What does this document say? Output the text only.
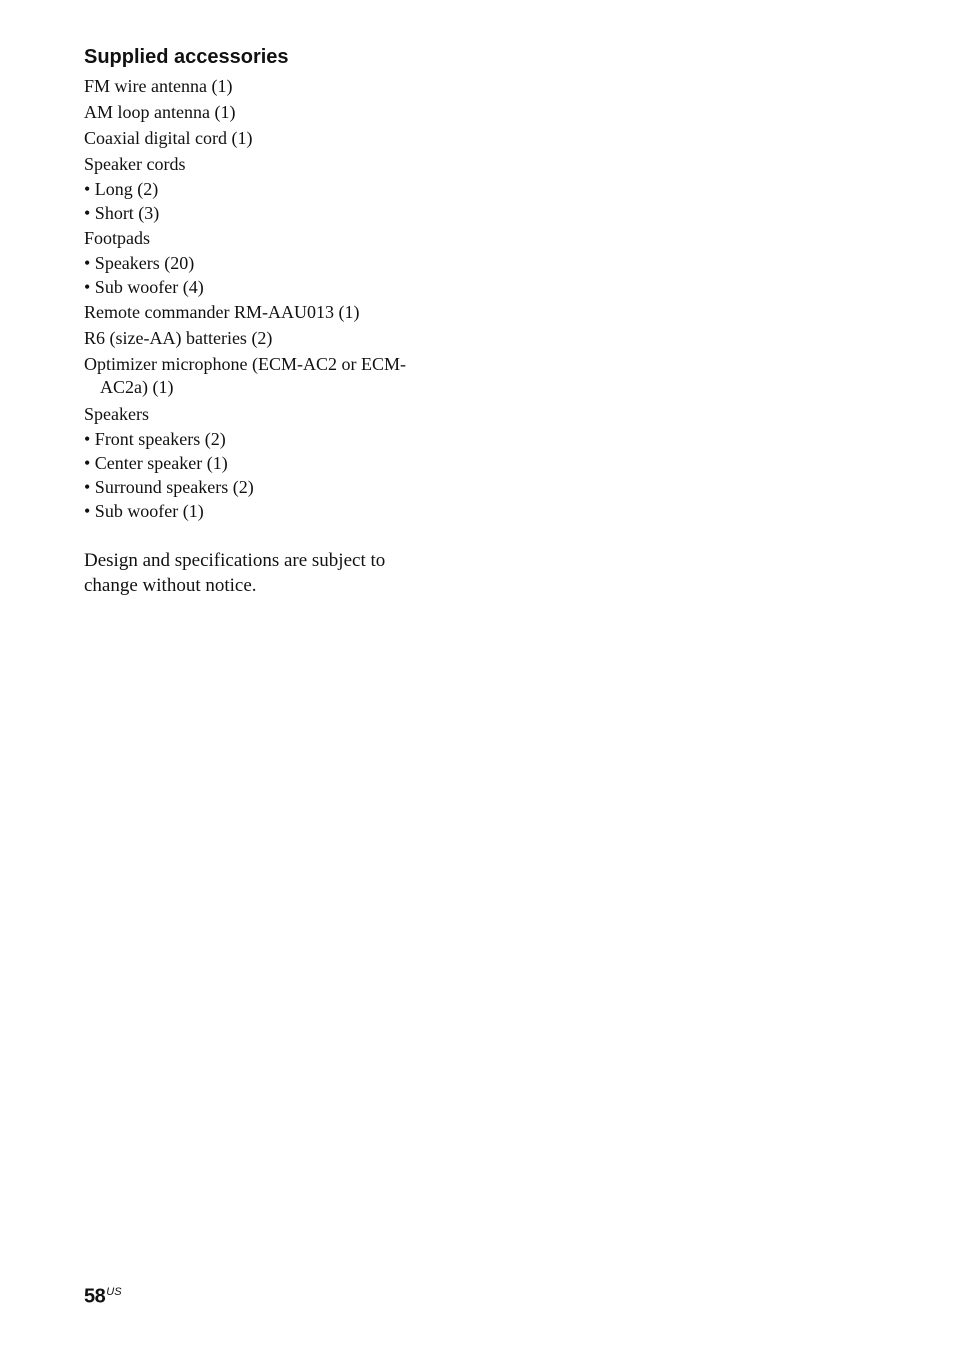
Supplied accessories
FM wire antenna (1)
AM loop antenna (1)
Coaxial digital cord (1)
Speaker cords
• Long (2)
• Short (3)
Footpads
• Speakers (20)
• Sub woofer (4)
Remote commander RM-AAU013 (1)
R6 (size-AA) batteries (2)
Optimizer microphone (ECM-AC2 or ECM-AC2a) (1)
Speakers
• Front speakers (2)
• Center speaker (1)
• Surround speakers (2)
• Sub woofer (1)

Design and specifications are subject to change without notice.

$58^{US}$
